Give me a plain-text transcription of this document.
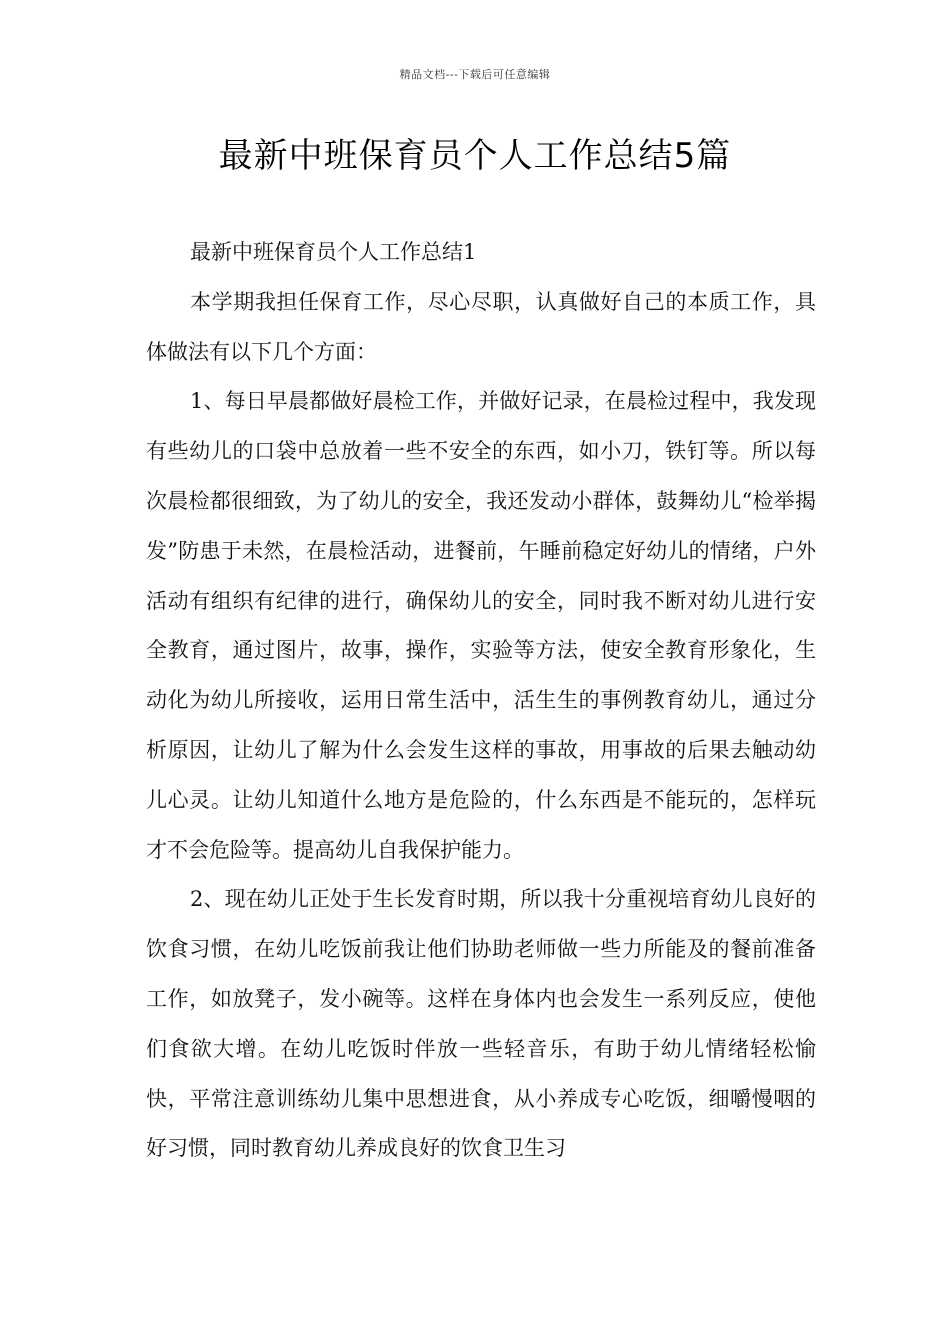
精品文档---下载后可任意编辑
最新中班保育员个人工作总结5篇

最新中班保育员个人工作总结1

本学期我担任保育工作，尽心尽职，认真做好自己的本质工作，具体做法有以下几个方面：

1、每日早晨都做好晨检工作，并做好记录，在晨检过程中，我发现有些幼儿的口袋中总放着一些不安全的东西，如小刀，铁钉等。所以每次晨检都很细致，为了幼儿的安全，我还发动小群体，鼓舞幼儿“检举揭发”防患于未然，在晨检活动，进餐前，午睡前稳定好幼儿的情绪，户外活动有组织有纪律的进行，确保幼儿的安全，同时我不断对幼儿进行安全教育，通过图片，故事，操作，实验等方法，使安全教育形象化，生动化为幼儿所接收，运用日常生活中，活生生的事例教育幼儿，通过分析原因，让幼儿了解为什么会发生这样的事故，用事故的后果去触动幼儿心灵。让幼儿知道什么地方是危险的，什么东西是不能玩的，怎样玩才不会危险等。提高幼儿自我保护能力。

2、现在幼儿正处于生长发育时期，所以我十分重视培育幼儿良好的饮食习惯，在幼儿吃饭前我让他们协助老师做一些力所能及的餐前准备工作，如放凳子，发小碗等。这样在身体内也会发生一系列反应，使他们食欲大增。在幼儿吃饭时伴放一些轻音乐，有助于幼儿情绪轻松愉快，平常注意训练幼儿集中思想进食，从小养成专心吃饭，细嚼慢咽的好习惯，同时教育幼儿养成良好的饮食卫生习
